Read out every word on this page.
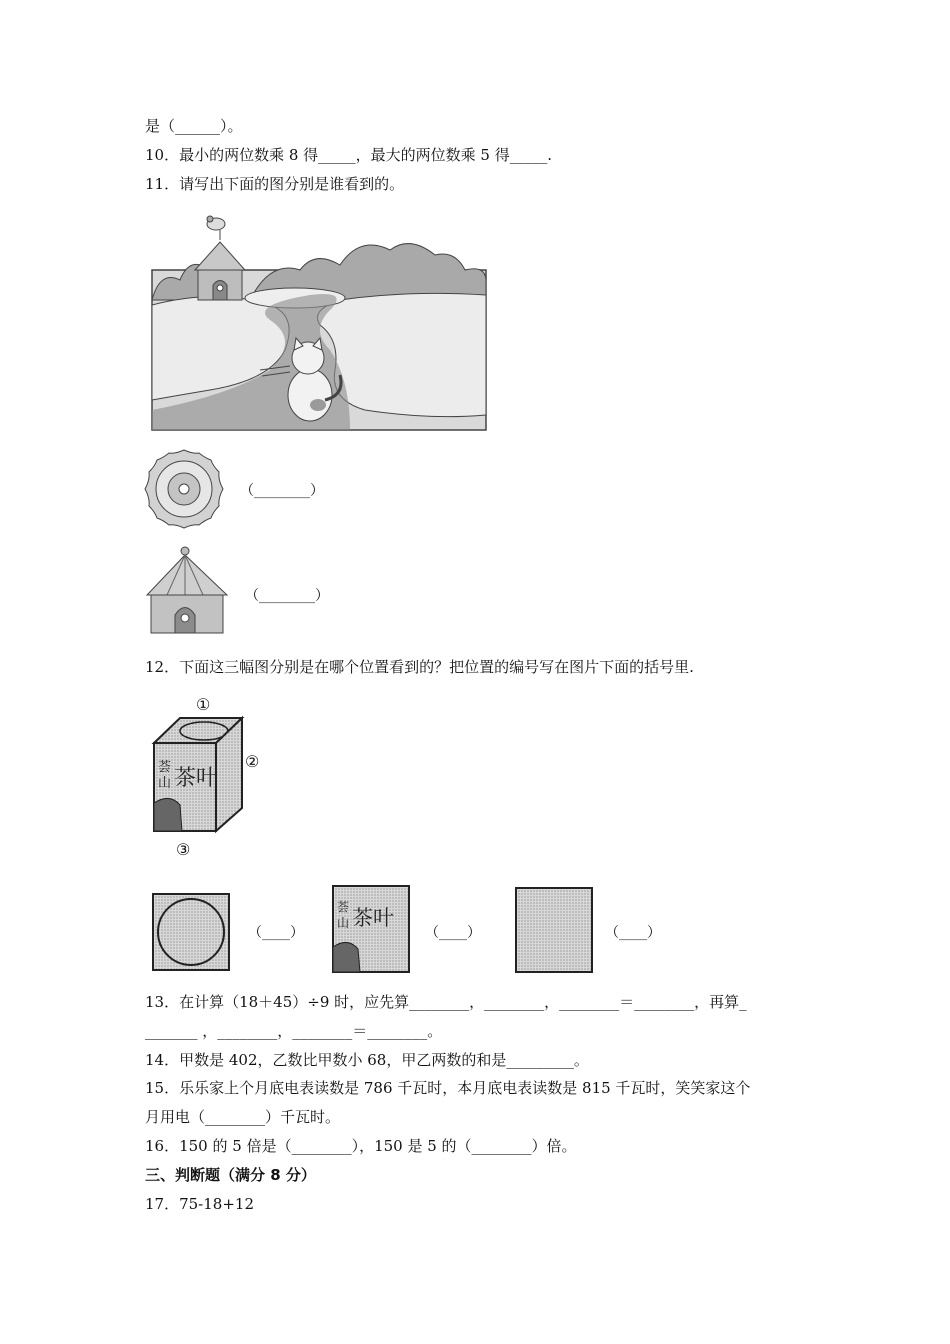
是（______）。
10．最小的两位数乘 8 得_____，最大的两位数乘 5 得_____.
11．请写出下面的图分别是谁看到的。
（________）
（________）
12．下面这三幅图分别是在哪个位置看到的？把位置的编号写在图片下面的括号里.
荟
山 茶叶
①
②
③
（____）
荟
山 茶叶
（____）	（____）
13．在计算（18＋45）÷9 时，应先算________，________，________＝________，再算_
_______ ，________，________＝________。
14．甲数是 402，乙数比甲数小 68，甲乙两数的和是_________。
15．乐乐家上个月底电表读数是 786 千瓦时，本月底电表读数是 815 千瓦时，笑笑家这个
月用电（________）千瓦时。
16．150 的 5 倍是（________），150 是 5 的（________）倍。
三、判断题（满分 8 分）
17．75-18+12
